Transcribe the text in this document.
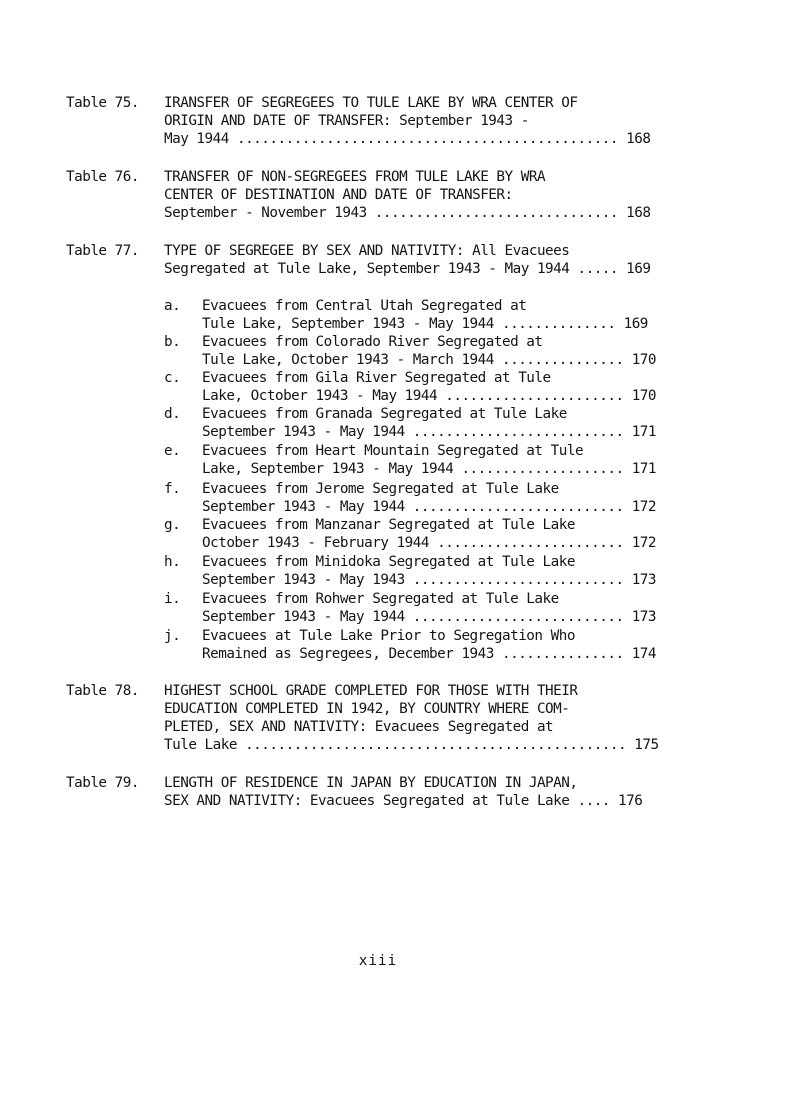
Table 75. IRANSFER OF SEGREGEES TO TULE LAKE BY WRA CENTER OF
ORIGIN AND DATE OF TRANSFER: September 1943 -
May 1944 ............................................... 168
Table 76. TRANSFER OF NON-SEGREGEES FROM TULE LAKE BY WRA
CENTER OF DESTINATION AND DATE OF TRANSFER:
September - November 1943 .............................. 168
Table 77. TYPE OF SEGREGEE BY SEX AND NATIVITY: All Evacuees
Segregated at Tule Lake, September 1943 - May 1944 ..... 169
a. Evacuees from Central Utah Segregated at
Tule Lake, September 1943 - May 1944 .............. 169
b. Evacuees from Colorado River Segregated at
Tule Lake, October 1943 - March 1944 ............... 170
c. Evacuees from Gila River Segregated at Tule
Lake, October 1943 - May 1944 ...................... 170
d. Evacuees from Granada Segregated at Tule Lake
September 1943 - May 1944 .......................... 171
e. Evacuees from Heart Mountain Segregated at Tule
Lake, September 1943 - May 1944 .................... 171
f. Evacuees from Jerome Segregated at Tule Lake
September 1943 - May 1944 .......................... 172
g. Evacuees from Manzanar Segregated at Tule Lake
October 1943 - February 1944 ....................... 172
h. Evacuees from Minidoka Segregated at Tule Lake
September 1943 - May 1943 .......................... 173
i. Evacuees from Rohwer Segregated at Tule Lake
September 1943 - May 1944 .......................... 173
j. Evacuees at Tule Lake Prior to Segregation Who
Remained as Segregees, December 1943 ............... 174
Table 78. HIGHEST SCHOOL GRADE COMPLETED FOR THOSE WITH THEIR
EDUCATION COMPLETED IN 1942, BY COUNTRY WHERE COM-
PLETED, SEX AND NATIVITY: Evacuees Segregated at
Tule Lake ............................................... 175
Table 79. LENGTH OF RESIDENCE IN JAPAN BY EDUCATION IN JAPAN,
SEX AND NATIVITY: Evacuees Segregated at Tule Lake .... 176
xiii
